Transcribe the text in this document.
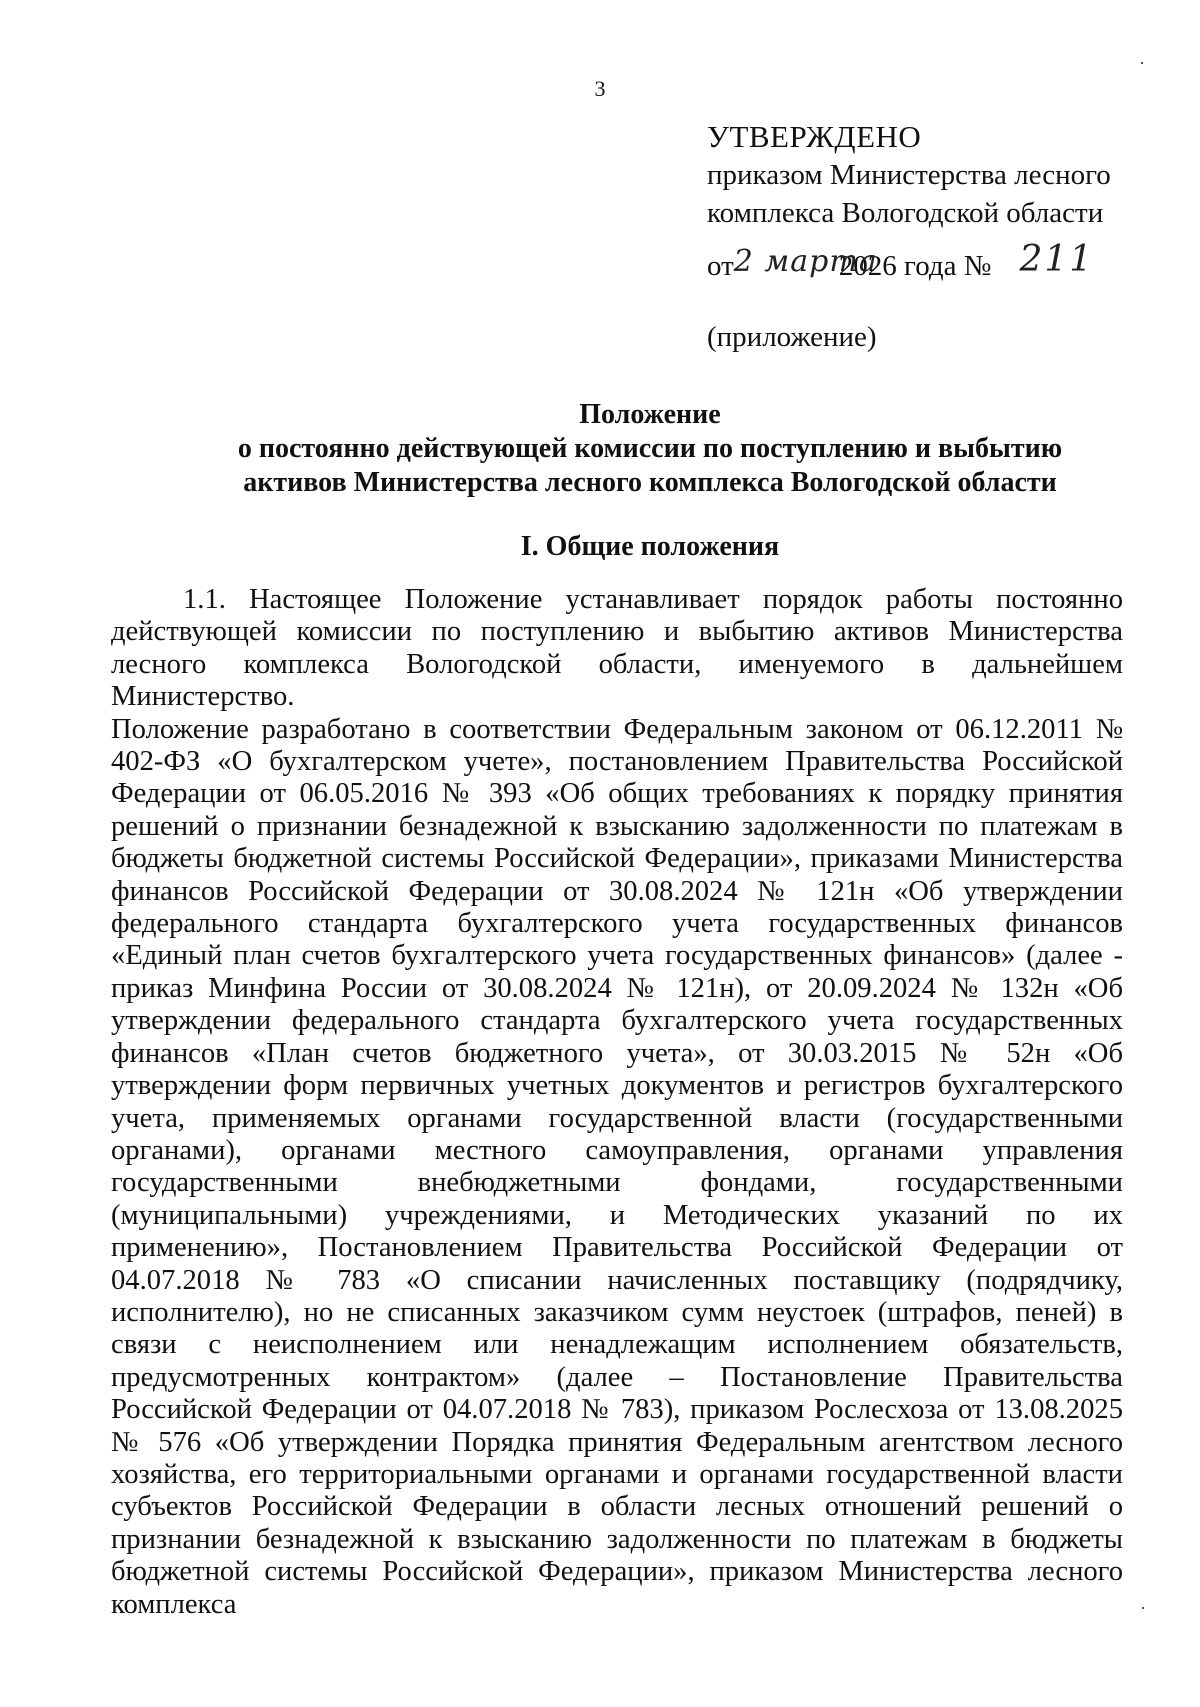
3
УТВЕРЖДЕНО
приказом Министерства лесного
комплекса Вологодской области
от2 марта2026 года № 211
(приложение)
Положение
о постоянно действующей комиссии по поступлению и выбытию
активов Министерства лесного комплекса Вологодской области
I. Общие положения

1.1. Настоящее Положение устанавливает порядок работы постоянно действующей комиссии по поступлению и выбытию активов Министерства лесного комплекса Вологодской области, именуемого в дальнейшем Министерство.

Положение разработано в соответствии Федеральным законом от 06.12.2011 № 402-ФЗ «О бухгалтерском учете», постановлением Правительства Российской Федерации от 06.05.2016 № 393 «Об общих требованиях к порядку принятия решений о признании безнадежной к взысканию задолженности по платежам в бюджеты бюджетной системы Российской Федерации», приказами Министерства финансов Российской Федерации от 30.08.2024 № 121н «Об утверждении федерального стандарта бухгалтерского учета государственных финансов «Единый план счетов бухгалтерского учета государственных финансов» (далее - приказ Минфина России от 30.08.2024 № 121н), от 20.09.2024 № 132н «Об утверждении федерального стандарта бухгалтерского учета государственных финансов «План счетов бюджетного учета», от 30.03.2015 № 52н «Об утверждении форм первичных учетных документов и регистров бухгалтерского учета, применяемых органами государственной власти (государственными органами), органами местного самоуправления, органами управления государственными внебюджетными фондами, государственными (муниципальными) учреждениями, и Методических указаний по их применению», Постановлением Правительства Российской Федерации от 04.07.2018 № 783 «О списании начисленных поставщику (подрядчику, исполнителю), но не списанных заказчиком сумм неустоек (штрафов, пеней) в связи с неисполнением или ненадлежащим исполнением обязательств, предусмотренных контрактом» (далее – Постановление Правительства Российской Федерации от 04.07.2018 № 783), приказом Рослесхоза от 13.08.2025 № 576 «Об утверждении Порядка принятия Федеральным агентством лесного хозяйства, его территориальными органами и органами государственной власти субъектов Российской Федерации в области лесных отношений решений о признании безнадежной к взысканию задолженности по платежам в бюджеты бюджетной системы Российской Федерации», приказом Министерства лесного комплекса
